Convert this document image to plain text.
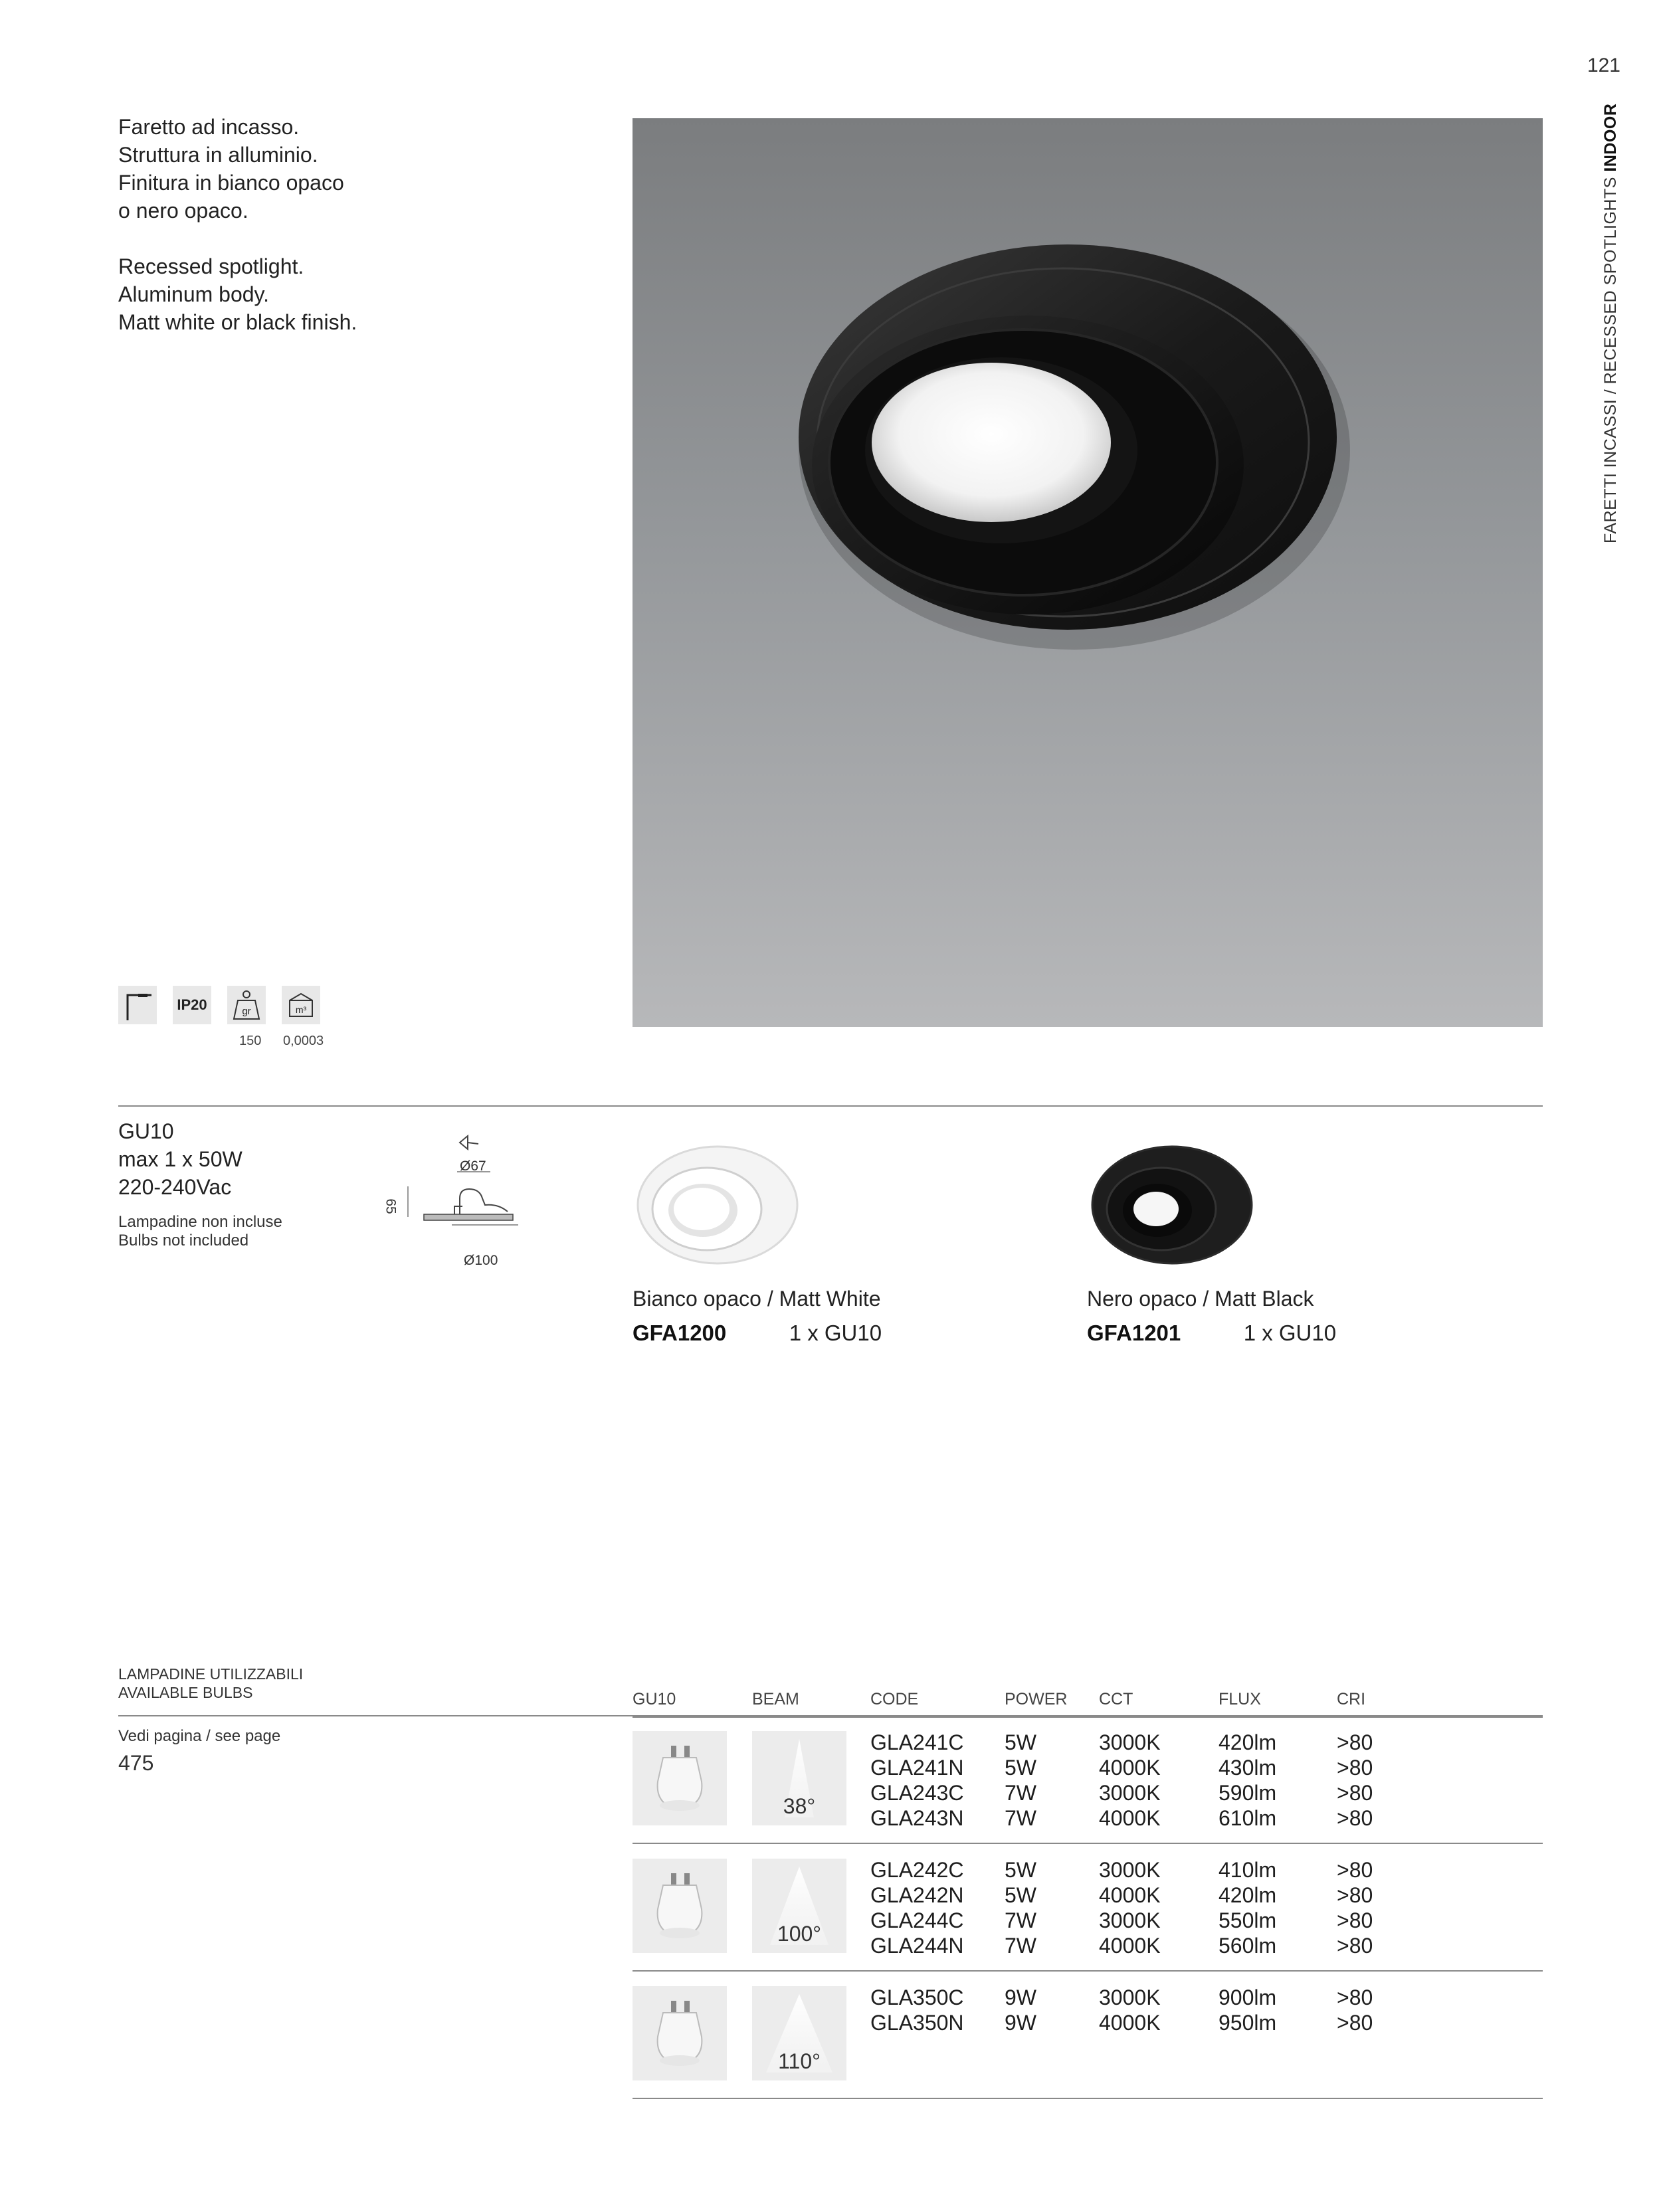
121
FARETTI INCASSI / RECESSED SPOTLIGHTS INDOOR
Faretto ad incasso.
Struttura in alluminio.
Finitura in bianco opaco
o nero opaco.
Recessed spotlight.
Aluminum body.
Matt white or black finish.
IP20	gr	m³
150 0,0003
GU10
max 1 x 50W
220-240Vac
Lampadine non incluse
Bulbs not included
Ø67
65
Ø100
Bianco opaco / Matt White
GFA1200	1 x GU10
Nero opaco / Matt Black
GFA1201	1 x GU10
LAMPADINE UTILIZZABILI
AVAILABLE BULBS
Vedi pagina / see page
475
GU10	BEAM	CODE	POWER CCT	FLUX	CRI
38°
GLA241C 5W	3000K	420lm	>80
GLA241N 5W	4000K	430lm	>80
GLA243C 7W	3000K	590lm	>80
GLA243N 7W	4000K	610lm	>80
100°
GLA242C 5W	3000K	410lm	>80
GLA242N 5W	4000K	420lm	>80
GLA244C 7W	3000K	550lm	>80
GLA244N 7W	4000K	560lm	>80
110°
GLA350C 9W	3000K	900lm	>80
GLA350N 9W	4000K	950lm	>80
